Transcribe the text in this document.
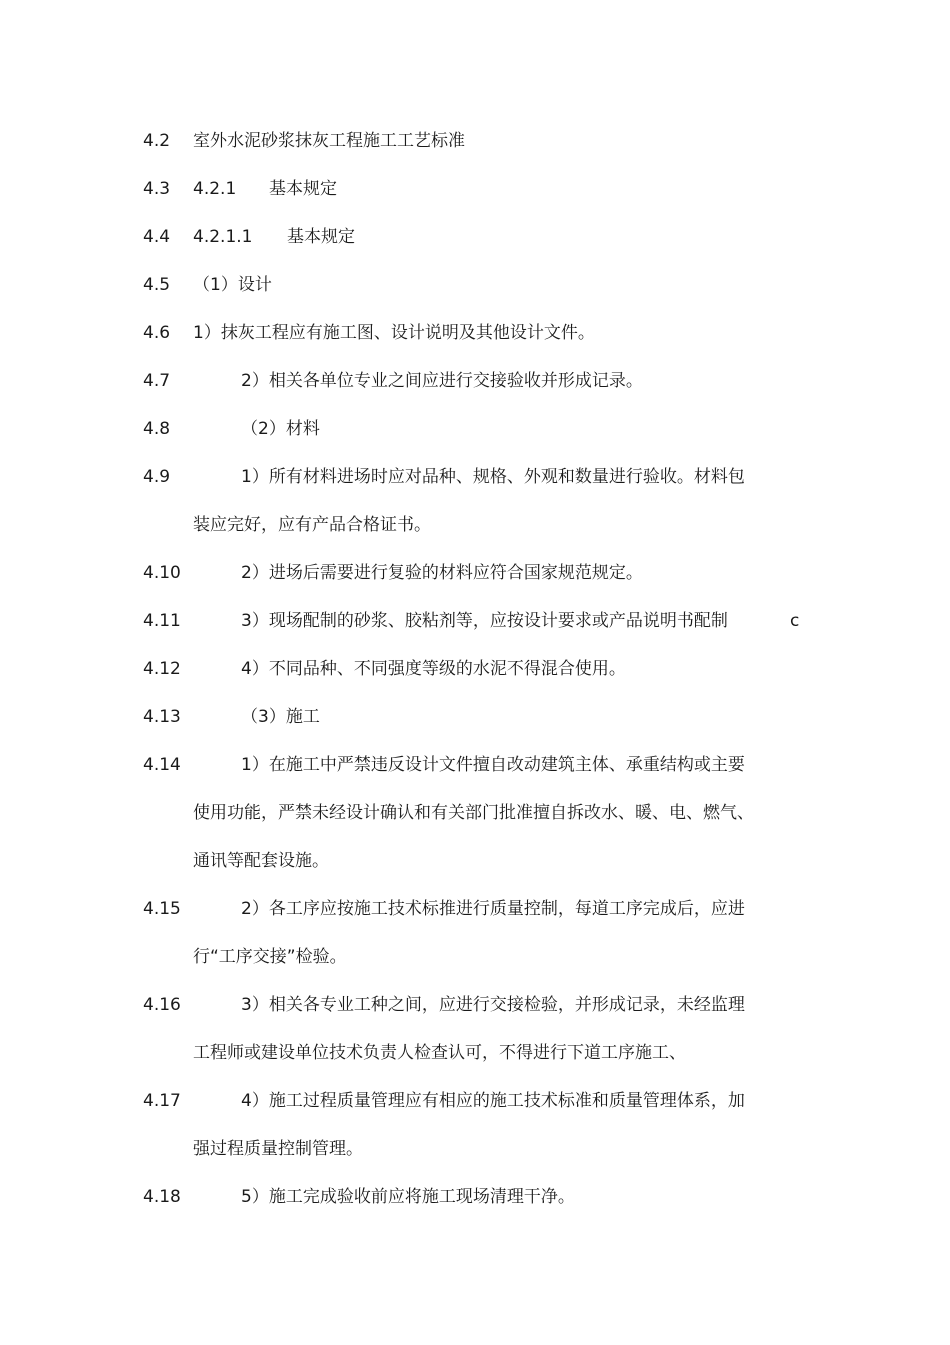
4.2 室外水泥砂浆抹灰工程施工工艺标准
4.3 4.2.1 基本规定
4.4 4.2.1.1 基本规定
4.5 （1）设计
4.6 1）抹灰工程应有施工图、设计说明及其他设计文件。
4.7	2）相关各单位专业之间应进行交接验收并形成记录。
4.8	（2）材料
4.9	1）所有材料进场时应对品种、规格、外观和数量进行验收。材料包
装应完好，应有产品合格证书。
4.10	2）进场后需要进行复验的材料应符合国家规范规定。
4.11	3）现场配制的砂浆、胶粘剂等，应按设计要求或产品说明书配制	c
4.12	4）不同品种、不同强度等级的水泥不得混合使用。
4.13	（3）施工
4.14	1）在施工中严禁违反设计文件擅自改动建筑主体、承重结构或主要
使用功能，严禁未经设计确认和有关部门批准擅自拆改水、暖、电、燃气、
通讯等配套设施。
4.15	2）各工序应按施工技术标推进行质量控制，每道工序完成后，应进
行“工序交接”检验。
4.16	3）相关各专业工种之间，应进行交接检验，并形成记录，未经监理
工程师或建设单位技术负责人检查认可，不得进行下道工序施工、
4.17	4）施工过程质量管理应有相应的施工技术标准和质量管理体系，加
强过程质量控制管理。
4.18	5）施工完成验收前应将施工现场清理干净。
